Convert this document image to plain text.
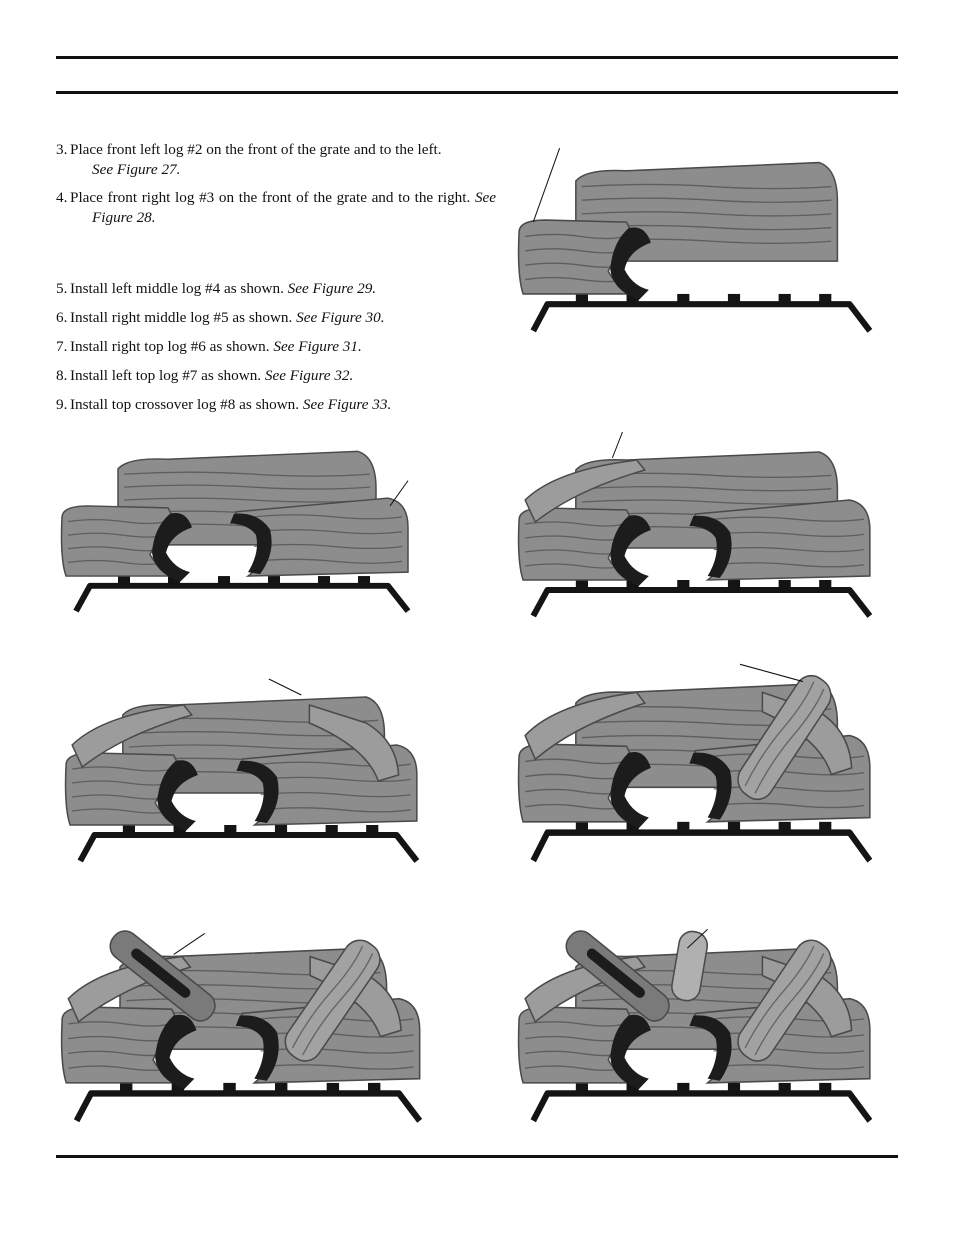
3. Place front left log #2 on the front of the grate and to the left.
See Figure 27.
4. Place front right log #3 on the front of the grate and to the right. See Figure 28.
5. Install left middle log #4 as shown. See Figure 29.
6. Install right middle log #5 as shown. See Figure 30.
7. Install right top log #6 as shown. See Figure 31.
8. Install left top log #7 as shown. See Figure 32.
9. Install top crossover log #8 as shown. See Figure 33.
